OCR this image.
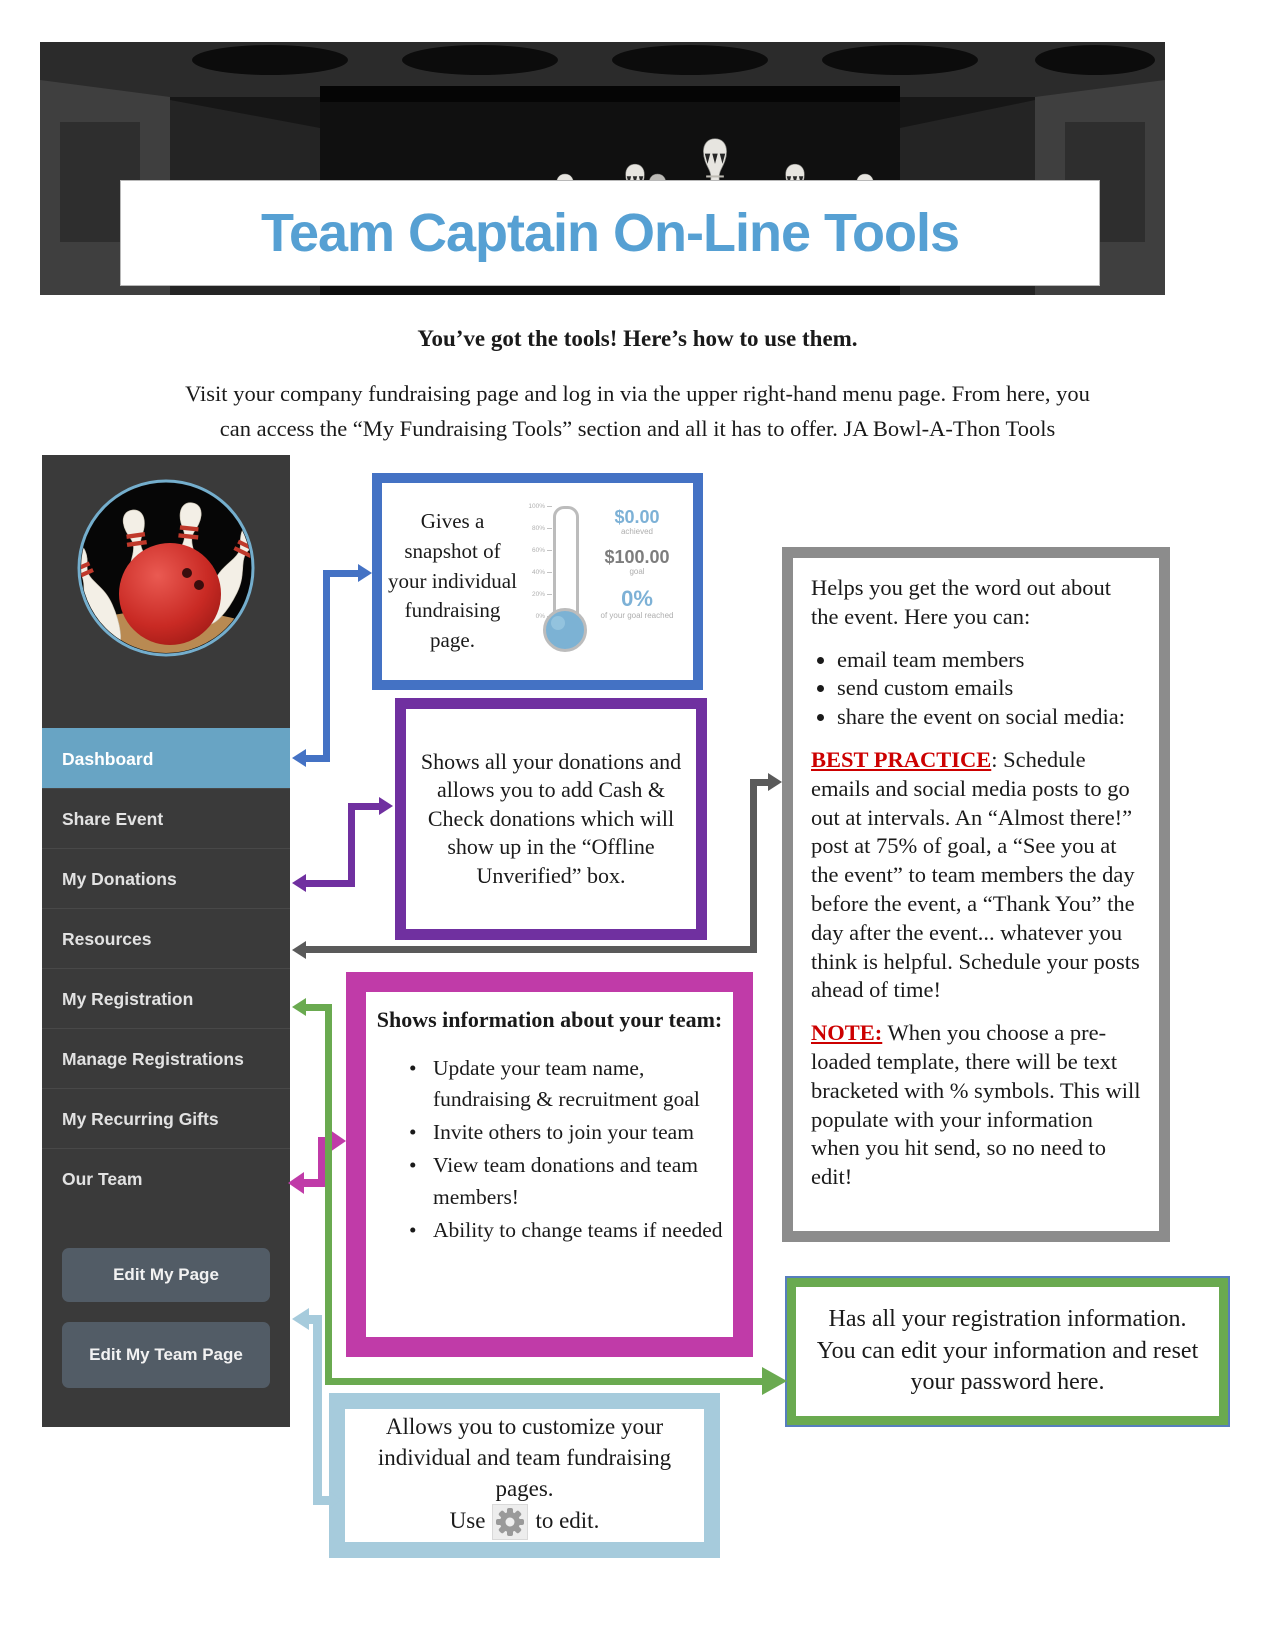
Team Captain On-Line Tools
You’ve got the tools! Here’s how to use them.
Visit your company fundraising page and log in via the upper right-hand menu page. From here, you
can access the “My Fundraising Tools” section and all it has to offer. JA Bowl-A-Thon Tools
Dashboard
Share Event
My Donations
Resources
My Registration
Manage Registrations
My Recurring Gifts
Our Team
Edit My Page
Edit My Team Page
Gives a snapshot of your individual fundraising page.
100%
80%
60%
40%
20%
0%
$0.00
achieved
$100.00
goal
0%
of your goal reached
Shows all your donations and allows you to add Cash & Check donations which will show up in the “Offline Unverified” box.

Helps you get the word out about the event. Here you can:

• email team members
• send custom emails
• share the event on social media:

BEST PRACTICE: Schedule emails and social media posts to go out at intervals. An “Almost there!” post at 75% of goal, a “See you at the event” to team members the day before the event, a “Thank You” the day after the event... whatever you think is helpful. Schedule your posts ahead of time!

NOTE: When you choose a pre-loaded template, there will be text bracketed with % symbols. This will populate with your information when you hit send, so no need to edit!

Shows information about your team:
• Update your team name, fundraising & recruitment goal
• Invite others to join your team
• View team donations and team members!
• Ability to change teams if needed
Has all your registration information. You can edit your information and reset your password here.
Allows you to customize your individual and team fundraising pages.
Use to edit.
